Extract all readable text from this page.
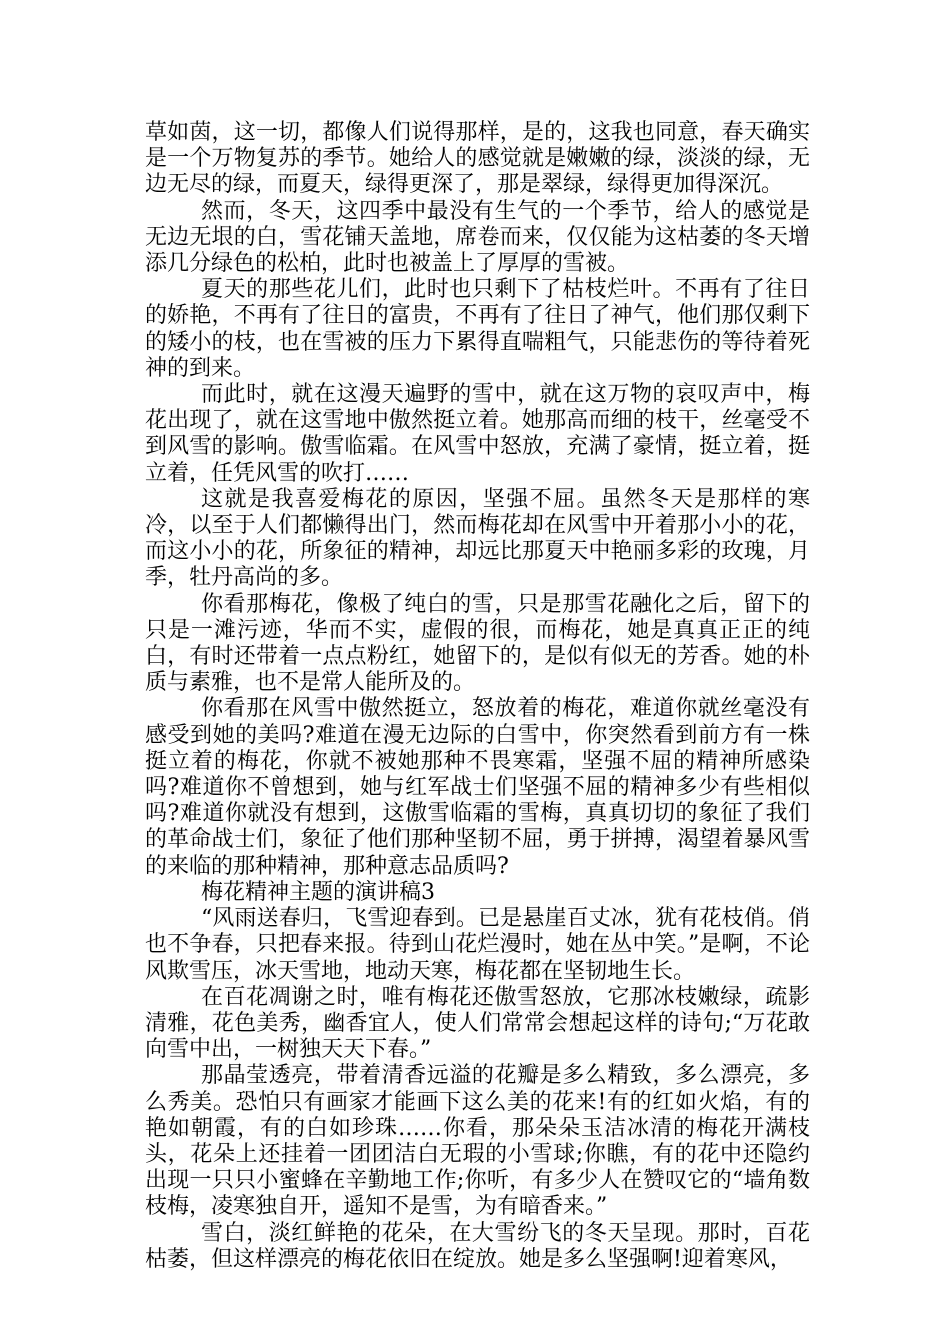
草如茵，这一切，都像人们说得那样，是的，这我也同意，春天确实是一个万物复苏的季节。她给人的感觉就是嫩嫩的绿，淡淡的绿，无边无尽的绿，而夏天，绿得更深了，那是翠绿，绿得更加得深沉。

然而，冬天，这四季中最没有生气的一个季节，给人的感觉是无边无垠的白，雪花铺天盖地，席卷而来，仅仅能为这枯萎的冬天增添几分绿色的松柏，此时也被盖上了厚厚的雪被。

夏天的那些花儿们，此时也只剩下了枯枝烂叶。不再有了往日的娇艳，不再有了往日的富贵，不再有了往日了神气，他们那仅剩下的矮小的枝，也在雪被的压力下累得直喘粗气，只能悲伤的等待着死神的到来。

而此时，就在这漫天遍野的雪中，就在这万物的哀叹声中，梅花出现了，就在这雪地中傲然挺立着。她那高而细的枝干，丝毫受不到风雪的影响。傲雪临霜。在风雪中怒放，充满了豪情，挺立着，挺立着，任凭风雪的吹打……

这就是我喜爱梅花的原因，坚强不屈。虽然冬天是那样的寒冷，以至于人们都懒得出门，然而梅花却在风雪中开着那小小的花，而这小小的花，所象征的精神，却远比那夏天中艳丽多彩的玫瑰，月季，牡丹高尚的多。

你看那梅花，像极了纯白的雪，只是那雪花融化之后，留下的只是一滩污迹，华而不实，虚假的很，而梅花，她是真真正正的纯白，有时还带着一点点粉红，她留下的，是似有似无的芳香。她的朴质与素雅，也不是常人能所及的。

你看那在风雪中傲然挺立，怒放着的梅花，难道你就丝毫没有感受到她的美吗?难道在漫无边际的白雪中，你突然看到前方有一株挺立着的梅花，你就不被她那种不畏寒霜，坚强不屈的精神所感染吗?难道你不曾想到，她与红军战士们坚强不屈的精神多少有些相似吗?难道你就没有想到，这傲雪临霜的雪梅，真真切切的象征了我们的革命战士们，象征了他们那种坚韧不屈，勇于拼搏，渴望着暴风雪的来临的那种精神，那种意志品质吗?

梅花精神主题的演讲稿3

“风雨送春归，飞雪迎春到。已是悬崖百丈冰，犹有花枝俏。俏也不争春，只把春来报。待到山花烂漫时，她在丛中笑。”是啊，不论风欺雪压，冰天雪地，地动天寒，梅花都在坚韧地生长。

在百花凋谢之时，唯有梅花还傲雪怒放，它那冰枝嫩绿，疏影清雅，花色美秀，幽香宜人，使人们常常会想起这样的诗句;“万花敢向雪中出，一树独天天下春。”

那晶莹透亮，带着清香远溢的花瓣是多么精致，多么漂亮，多么秀美。恐怕只有画家才能画下这么美的花来!有的红如火焰，有的艳如朝霞，有的白如珍珠……你看，那朵朵玉洁冰清的梅花开满枝头，花朵上还挂着一团团洁白无瑕的小雪球;你瞧，有的花中还隐约出现一只只小蜜蜂在辛勤地工作;你听，有多少人在赞叹它的“墙角数枝梅，凌寒独自开，遥知不是雪，为有暗香来。”

雪白，淡红鲜艳的花朵，在大雪纷飞的冬天呈现。那时，百花枯萎，但这样漂亮的梅花依旧在绽放。她是多么坚强啊!迎着寒风，
